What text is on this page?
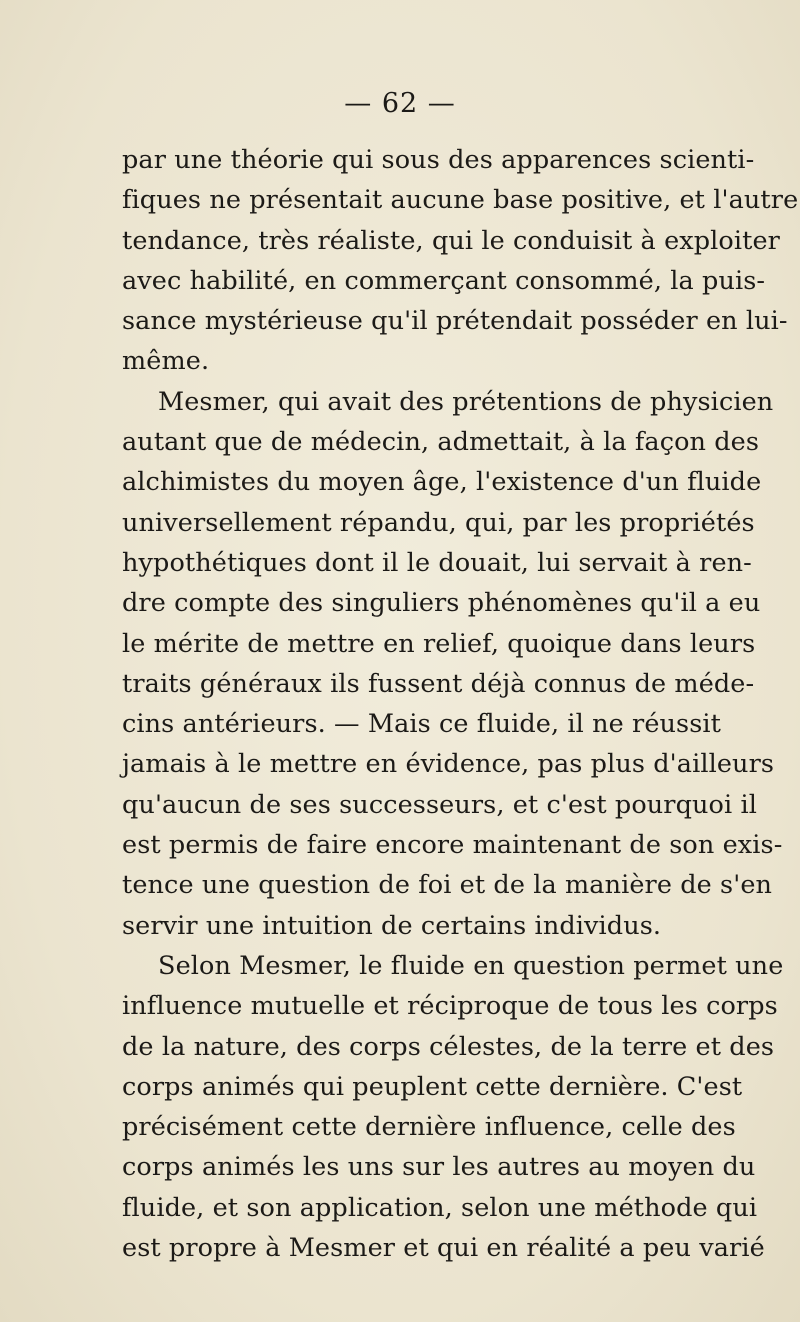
— 62 —
par une théorie qui sous des apparences scienti-
fiques ne présentait aucune base positive, et l'autre
tendance, très réaliste, qui le conduisit à exploiter
avec habilité, en commerçant consommé, la puis-
sance mystérieuse qu'il prétendait posséder en lui-
même.
Mesmer, qui avait des prétentions de physicien
autant que de médecin, admettait, à la façon des
alchimistes du moyen âge, l'existence d'un fluide
universellement répandu, qui, par les propriétés
hypothétiques dont il le douait, lui servait à ren-
dre compte des singuliers phénomènes qu'il a eu
le mérite de mettre en relief, quoique dans leurs
traits généraux ils fussent déjà connus de méde-
cins antérieurs. — Mais ce fluide, il ne réussit
jamais à le mettre en évidence, pas plus d'ailleurs
qu'aucun de ses successeurs, et c'est pourquoi il
est permis de faire encore maintenant de son exis-
tence une question de foi et de la manière de s'en
servir une intuition de certains individus.
Selon Mesmer, le fluide en question permet une
influence mutuelle et réciproque de tous les corps
de la nature, des corps célestes, de la terre et des
corps animés qui peuplent cette dernière. C'est
précisément cette dernière influence, celle des
corps animés les uns sur les autres au moyen du
fluide, et son application, selon une méthode qui
est propre à Mesmer et qui en réalité a peu varié
